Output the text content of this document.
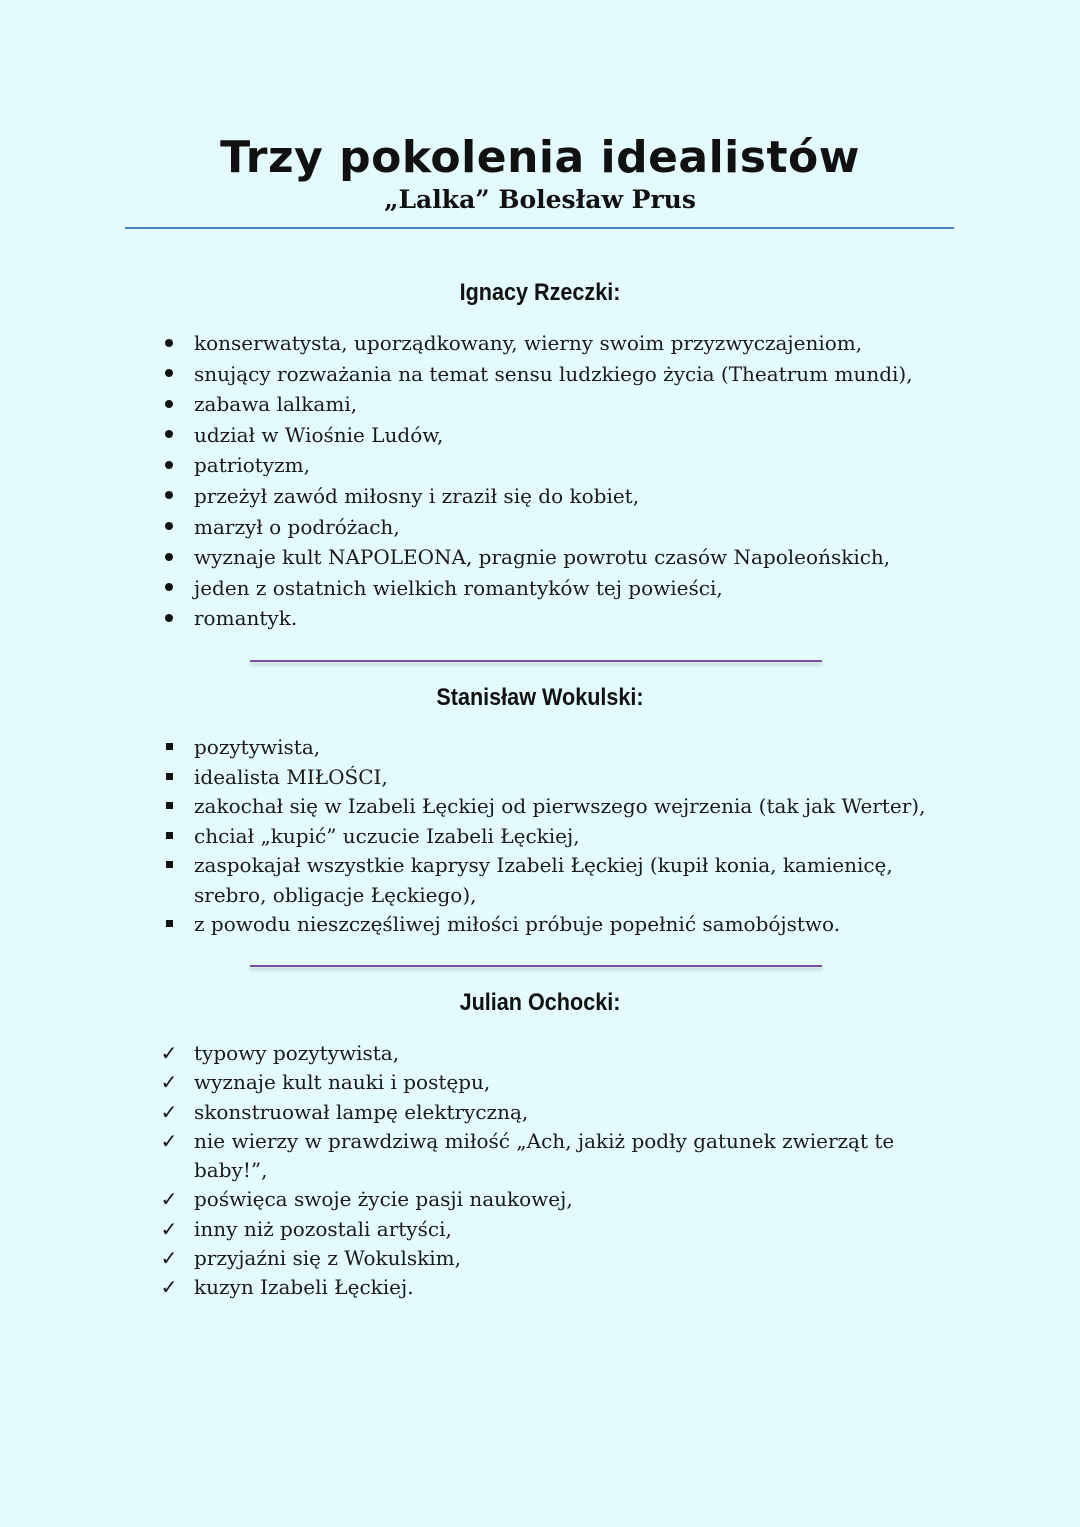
Trzy pokolenia idealistów
„Lalka” Bolesław Prus
Ignacy Rzeczki:
konserwatysta, uporządkowany, wierny swoim przyzwyczajeniom,
snujący rozważania na temat sensu ludzkiego życia (Theatrum mundi),
zabawa lalkami,
udział w Wiośnie Ludów,
patriotyzm,
przeżył zawód miłosny i zraził się do kobiet,
marzył o podróżach,
wyznaje kult NAPOLEONA, pragnie powrotu czasów Napoleońskich,
jeden z ostatnich wielkich romantyków tej powieści,
romantyk.
Stanisław Wokulski:
pozytywista,
idealista MIŁOŚCI,
zakochał się w Izabeli Łęckiej od pierwszego wejrzenia (tak jak Werter),
chciał „kupić” uczucie Izabeli Łęckiej,
zaspokajał wszystkie kaprysy Izabeli Łęckiej (kupił konia, kamienicę, srebro, obligacje Łęckiego),
z powodu nieszczęśliwej miłości próbuje popełnić samobójstwo.
Julian Ochocki:
✓ typowy pozytywista,
✓ wyznaje kult nauki i postępu,
✓ skonstruował lampę elektryczną,
✓ nie wierzy w prawdziwą miłość „Ach, jakiż podły gatunek zwierząt te baby!”,
✓ poświęca swoje życie pasji naukowej,
✓ inny niż pozostali artyści,
✓ przyjaźni się z Wokulskim,
✓ kuzyn Izabeli Łęckiej.
